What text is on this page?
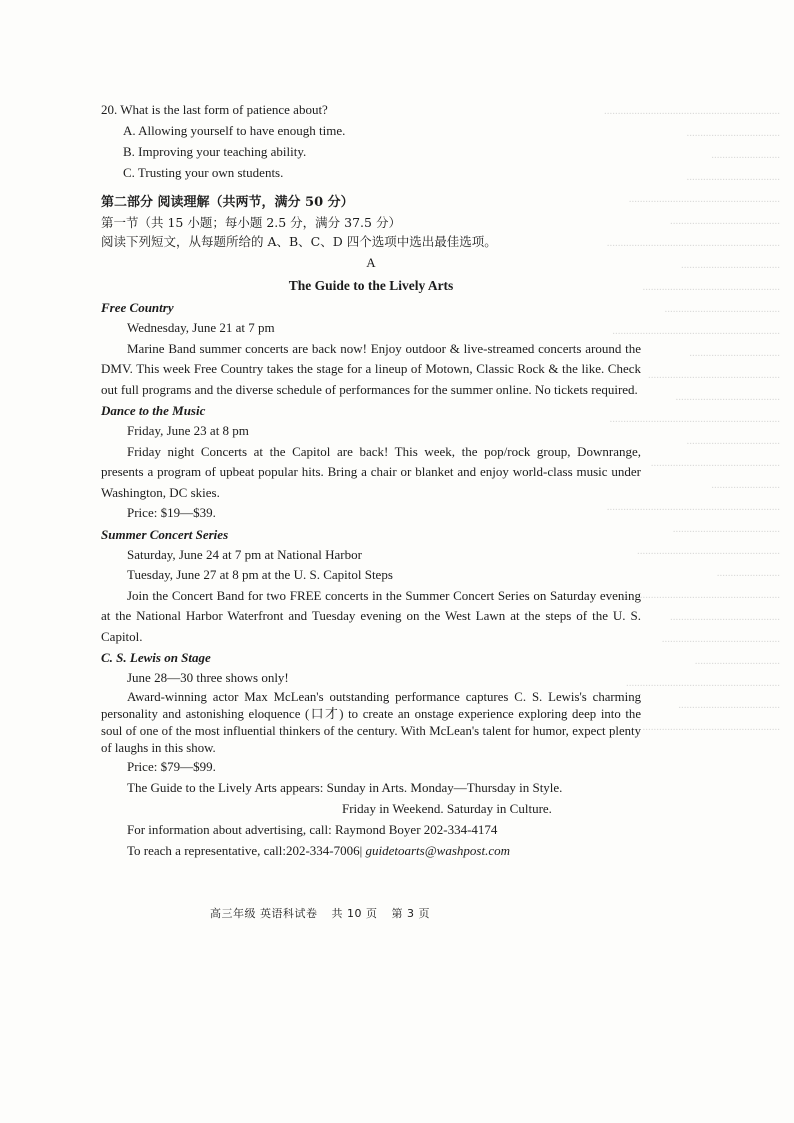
................................................................
..................................
.........................
..................................
.......................................................
........................................
...............................................................
....................................
..................................................
..........................................
.............................................................
.................................
................................................
......................................
..............................................................
..................................
...............................................
.........................
...............................................................
.......................................
....................................................
.......................
............................................................
........................................
...........................................
...............................
........................................................
.....................................
..................................................

20. What is the last form of patience about?

A. Allowing yourself to have enough time.

B. Improving your teaching ability.

C. Trusting your own students.

第二部分 阅读理解（共两节，满分 50 分）
第一节（共 15 小题；每小题 2.5 分，满分 37.5 分）
阅读下列短文，从每题所给的 A、B、C、D 四个选项中选出最佳选项。
A
The Guide to the Lively Arts
Free Country

Wednesday, June 21 at 7 pm

Marine Band summer concerts are back now! Enjoy outdoor & live-streamed concerts around the DMV. This week Free Country takes the stage for a lineup of Motown, Classic Rock & the like. Check out full programs and the diverse schedule of performances for the summer online. No tickets required.

Dance to the Music

Friday, June 23 at 8 pm

Friday night Concerts at the Capitol are back! This week, the pop/rock group, Downrange, presents a program of upbeat popular hits. Bring a chair or blanket and enjoy world-class music under Washington, DC skies.

Price: $19—$39.

Summer Concert Series

Saturday, June 24 at 7 pm at National Harbor

Tuesday, June 27 at 8 pm at the U. S. Capitol Steps

Join the Concert Band for two FREE concerts in the Summer Concert Series on Saturday evening at the National Harbor Waterfront and Tuesday evening on the West Lawn at the steps of the U. S. Capitol.

C. S. Lewis on Stage

June 28—30 three shows only!

Award-winning actor Max McLean's outstanding performance captures C. S. Lewis's charming personality and astonishing eloquence (口才) to create an onstage experience exploring deep into the soul of one of the most influential thinkers of the century. With McLean's talent for humor, expect plenty of laughs in this show.

Price: $79—$99.

The Guide to the Lively Arts appears: Sunday in Arts. Monday—Thursday in Style.

Friday in Weekend. Saturday in Culture.

For information about advertising, call: Raymond Boyer 202-334-4174

To reach a representative, call:202-334-7006| guidetoarts@washpost.com

高三年级 英语科试卷 共 10 页 第 3 页
